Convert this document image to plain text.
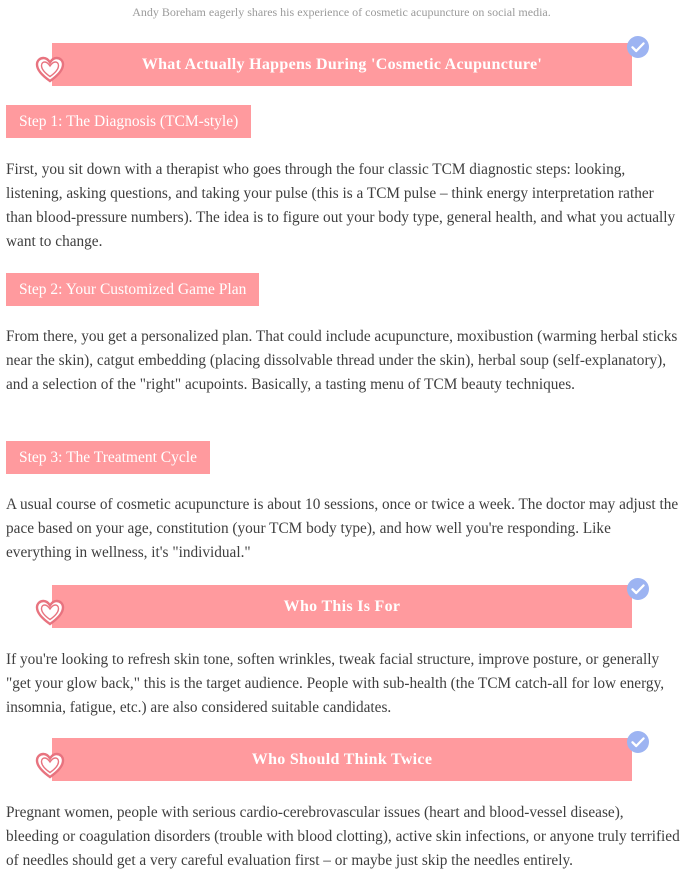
Andy Boreham eagerly shares his experience of cosmetic acupuncture on social media.
What Actually Happens During 'Cosmetic Acupuncture'
Step 1: The Diagnosis (TCM-style)

First, you sit down with a therapist who goes through the four classic TCM diagnostic steps: looking, listening, asking questions, and taking your pulse (this is a TCM pulse – think energy interpretation rather than blood-pressure numbers). The idea is to figure out your body type, general health, and what you actually want to change.

Step 2: Your Customized Game Plan

From there, you get a personalized plan. That could include acupuncture, moxibustion (warming herbal sticks near the skin), catgut embedding (placing dissolvable thread under the skin), herbal soup (self-explanatory), and a selection of the "right" acupoints. Basically, a tasting menu of TCM beauty techniques.

Step 3: The Treatment Cycle

A usual course of cosmetic acupuncture is about 10 sessions, once or twice a week. The doctor may adjust the pace based on your age, constitution (your TCM body type), and how well you're responding. Like everything in wellness, it's "individual."

Who This Is For

If you're looking to refresh skin tone, soften wrinkles, tweak facial structure, improve posture, or generally "get your glow back," this is the target audience. People with sub-health (the TCM catch-all for low energy, insomnia, fatigue, etc.) are also considered suitable candidates.

Who Should Think Twice

Pregnant women, people with serious cardio-cerebrovascular issues (heart and blood-vessel disease), bleeding or coagulation disorders (trouble with blood clotting), active skin infections, or anyone truly terrified of needles should get a very careful evaluation first – or maybe just skip the needles entirely.
